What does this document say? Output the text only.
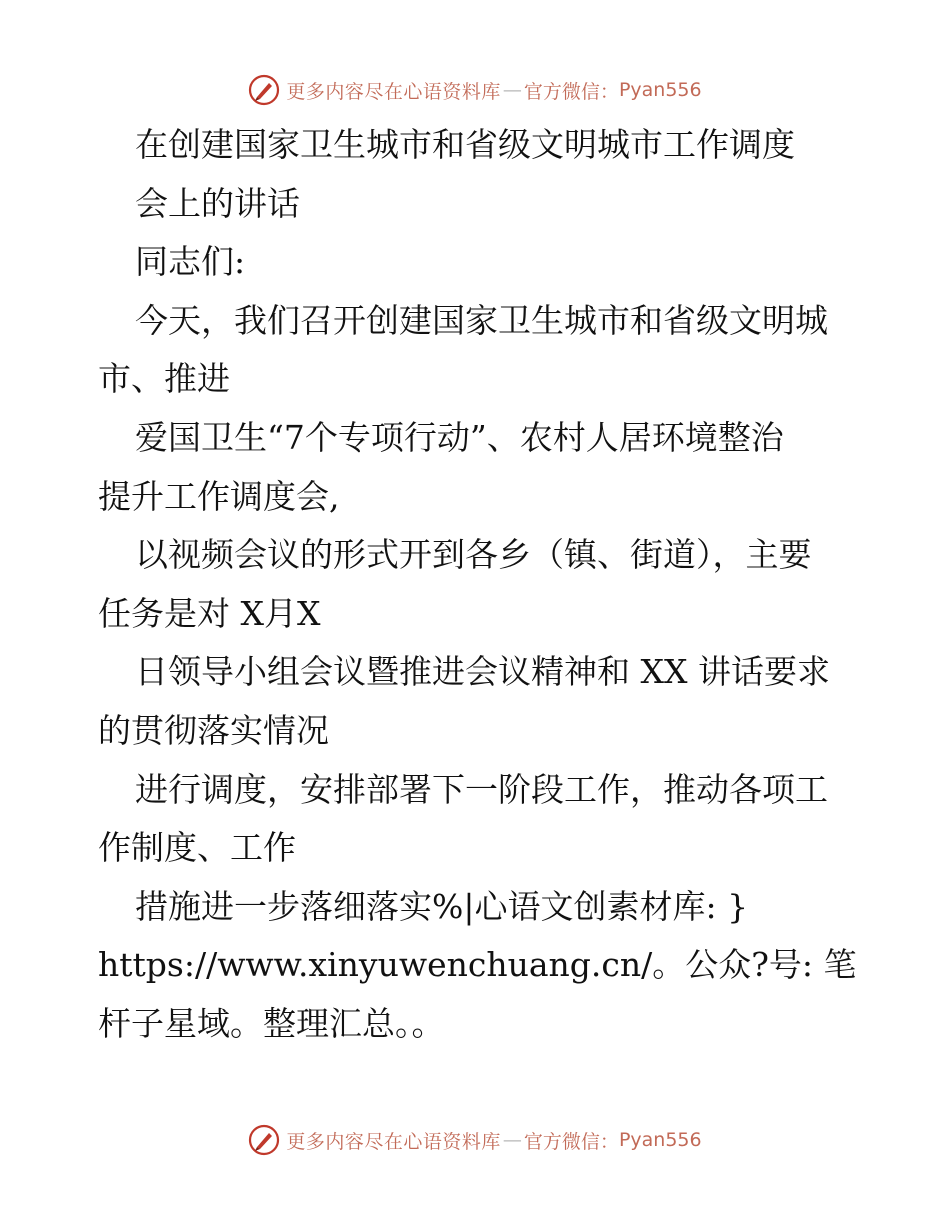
更多内容尽在心语资料库 — 官方微信： Pyan556
在创建国家卫生城市和省级文明城市工作调度
会上的讲话
同志们:
今天，我们召开创建国家卫生城市和省级文明城
市、推进
爱国卫生“7个专项行动”、农村人居环境整治
提升工作调度会,
以视频会议的形式开到各乡（镇、街道），主要
任务是对 X月X
日领导小组会议暨推进会议精神和 XX 讲话要求
的贯彻落实情况
进行调度，安排部署下一阶段工作，推动各项工
作制度、工作
措施进一步落细落实%|心语文创素材库: }
https://www.xinyuwenchuang.cn/。公众?号: 笔
杆子星域。整理汇总。。
更多内容尽在心语资料库 — 官方微信： Pyan556
